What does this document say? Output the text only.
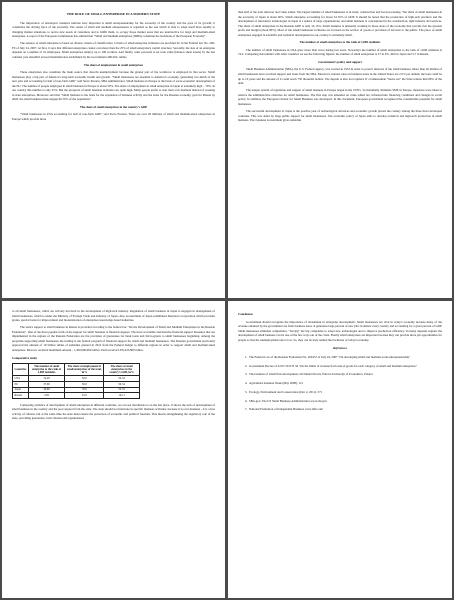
THE ROLE OF SMALL ENTERPRISE IN A MODERN STATE

The importance of developed countries indicate how important is small entrepreneurship for the economy of the country and the pace of its growth; it constitutes the driving force of the economy. The center of small and medium entrepreneurs is regarded as the one which is able to adapt itself most rapidly to changing market situations, to notice new needs of customers and to fulfill them, to occupy those market areas that are unattractive for large and medium-sized enterprises. A report of the European Commission has entitled that "Small and medium enterprises (SMEs) constitute the backbone of the European Economy".

The essence of small enterprise is based on diverse criteria of classification. Criteria of small enterprise in Russia are provided for in the Federal law No. 209-FZ of July 24, 2007. At first, it says that different enterprises cannot own more than the 25% of small enterprise's capital structure. Secondly, the size of an enterprise depends on a number of its employees. Small enterprises employ up to 100 workers. And finally, sales proceeds is set took value (balance sheet assets) by the last calendar year shouldn't exceed maximum size established by the Government 400 mln. rubles.

The share of employment in small enterprises

These enterprises also constitute the main source that absorbs unemployment because the greater part of the workforce is employed in that sector. Small businesses play a big part of America's long-term economic health and growth. "Small businesses are essential to America's economy, generating two-thirds of the new jobs and accounting for half of non-farm GDP," said Steve Preston, SBA Administrator. Small business in Europe is the basis of socio-economic development of the EU. The number of people employed in small business in Europe is about 50%. The share of employment in small enterprise in Japan at extremely high – 70%. In our country this number is only 25%. But the prospects of small business in Russia are quite high. Many people prefer to start their own business instead of working in state enterprises. Moreover said that "Small business is the basis for the expansion of business activity and the basis for the Russian economy, goal for Russia by 2020, the small business must engage 60-70% of the population".

The share of small enterprises in the country's GDP

"Small businesses in USA accounting for half of non-farm GDP," said Steve Preston. There are over 20 millions of small and medium-sized enterprises in Europe which provide more

than half of the total turnover and value added. The largest number of small businesses is in trade, construction and food processing. The share of small businesses in the economy of Japan is about 40%. Small enterprise accounting for about 52-55% of GDP. It should be noted that the production of high-tech products and the development of innovative technologies in Japan is a sphere of large organizations, and small business is concentrated in the construction, light industry and services. The share of small enterprises in the Russian GDP is only 10-15%. Small business is primarily working in those areas of the economy that provide fast the greatest profit and margin (about 80%). Most of the small businesses in Russia are focused on the service of goods or provision of services to the public. The place of small enterprises engaged in scientific and technical development in our country is extremely small.

The number of small enterprises to the rank of 1,000 residents

The number of small businesses in USA grew more than twice during last years. Nowadays the number of small enterprises to the rank of 1,000 residents is 74.2. Comparing this number with other countries we see the following figures: the number of small enterprises is 37 in EU, 49.6 in Japan and 5.7 in Russia.

Government's policy and support

Small Business Administration (SBA), the U.S. Federal agency, was created in 1953 in order to protect interests of the small business. More than 26 million of small businesses have received support and loans from the SBA. Moreover, interest rates on business loans in the United States are 2.5% per annum, the loan could be up to 10 years and the amount of it could reach 750 thousand dollars. The deposit is also not required. If a businessman "burns out" the State returns him 80% of the debt.

The unique system of regulation and support of small business in Europe began in the 1970's. To maximally stimulate SME in Europe, measures were taken to remove the administrative obstacles for small businesses. The first step was amended on value added tax, infrastructure financing conditions and changes in social policy. In addition, the European Charter for Small Business was developed. In this document, European government recognized the considerable potential for small businesses.

The successful development of Japan is the positive year of technological advances and economic growth placed the country among the three most developed countries. This was aided by large public support for small businesses. The economic policy of Japan aims to develop technical and high-tech production in small business. The Japanese Government gives subsidies

to all small businesses, which are actively involved in the development of high-tech industry. Regulation of small business in Japan is engaged in management of small businesses, which is under the Ministry of Foreign Trade and Industry of Japan. Also Government of Japan established Insurance Corporation which provides grants, special loans for improvement and modernization of enterprises knowledge-based industries.

The state's support to small business in Russia is provided according to the federal law "On the Development of Small and Medium Enterprises in the Russian Federation". One of the most popular form of the support for small business is financial support. The most accessible and massive financial support measures that are implemented in the regions of the Russian Federation are the provision of guarantees for bank loans and micro-grants to small businesses beginning. Among the programs supporting small businesses the leading is the federal program of financial support for small and medium businesses. The Russian government previously approved the amount of 19 billion rubles of subsidies granted in 2012 from the Federal budget to different regions in order to support small and medium-sized enterprises. Moscow received maximum amount - 1,450,000,000 rubles. Perm received 476,223,800 rubles.

Comparative study
Countries	The number of small enterprise to the rank of 1,000 residents	The share of employment in small enterprises of the total, In%	The share of small enterprises in the country's GDP, In%
USA	74.20	50.0	50-52
EU	37.00	50.0	50-54
Japan	49.60	70.0	52-55
Russia	5.65	25.0	10-11

Comparing statistics of development of small enterprises in different countries, we can see that Russia is on the last place. It shows the lack of development of small business in the country and the poor support from the state. The state should not intervene in specific business activities, because it is over-business - it is a free activity of citizens, but at the same time the state must ensure the protection of economic and political freedom. This means strengthening the regulatory role of the state, providing guarantees, both citizens and organizations

Conclusion

Government should recognize the importance of investment in enterprise development. Small businesses are vital in today's economy because many of the revenue obtained by the government are from business taxes. It generates large percent of new jobs in almost every country and accounting for a great percent of GDP. Small businesses stimulate competition, "forcing" the big companies to adopt new technologies and to improve production efficiency. In many depends regions the development of small business can be one of the few ways out of the crisis. Finally small enterprises are important because they can provide more job opportunities for people so that the unemployment rate is low. So, they can be truly named the backbone of today's economy.

References
1. The Federal Law of the Russian Federation No. 209-FZ of July 24, 2007 "On developing small and medium-scale entrepreneurship"
2. Government Decree of 22.07.2013 N 56 "On the limits of revenue from sale of goods for each category of small and medium enterprises"
3. The business of small firm development, Dr Daniel Noveli, Poltava University of Economics, Poland
4. Agriculture business Week (May 2008). 121
5. Ecology, Environment and Conservation (Dec 2, 2011). 571
6. SBA.gov: The US Small Business Administration www.sba.gov
7. National Federation of Independent Business www.nfib.com
